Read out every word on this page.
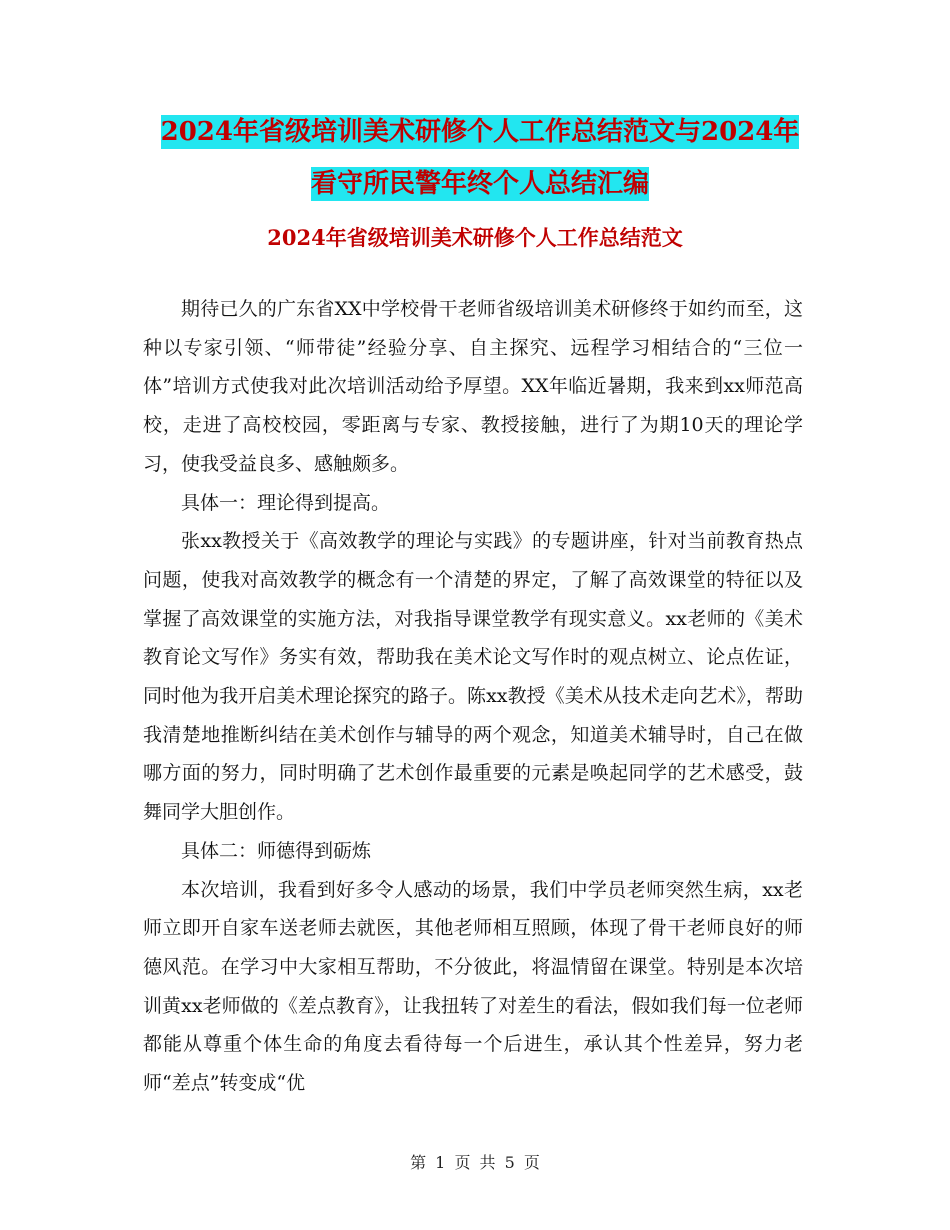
2024年省级培训美术研修个人工作总结范文与2024年
看守所民警年终个人总结汇编
2024年省级培训美术研修个人工作总结范文

期待已久的广东省XX中学校骨干老师省级培训美术研修终于如约而至，这种以专家引领、“师带徒”经验分享、自主探究、远程学习相结合的“三位一体”培训方式使我对此次培训活动给予厚望。XX年临近暑期，我来到xx师范高校，走进了高校校园，零距离与专家、教授接触，进行了为期10天的理论学习，使我受益良多、感触颇多。

具体一：理论得到提高。

张xx教授关于《高效教学的理论与实践》的专题讲座，针对当前教育热点问题，使我对高效教学的概念有一个清楚的界定，了解了高效课堂的特征以及掌握了高效课堂的实施方法，对我指导课堂教学有现实意义。xx老师的《美术教育论文写作》务实有效，帮助我在美术论文写作时的观点树立、论点佐证，同时他为我开启美术理论探究的路子。陈xx教授《美术从技术走向艺术》，帮助我清楚地推断纠结在美术创作与辅导的两个观念，知道美术辅导时，自己在做哪方面的努力，同时明确了艺术创作最重要的元素是唤起同学的艺术感受，鼓舞同学大胆创作。

具体二：师德得到砺炼

本次培训，我看到好多令人感动的场景，我们中学员老师突然生病，xx老师立即开自家车送老师去就医，其他老师相互照顾，体现了骨干老师良好的师德风范。在学习中大家相互帮助，不分彼此，将温情留在课堂。特别是本次培训黄xx老师做的《差点教育》，让我扭转了对差生的看法，假如我们每一位老师都能从尊重个体生命的角度去看待每一个后进生，承认其个性差异，努力老师“差点”转变成“优

第 1 页 共 5 页
